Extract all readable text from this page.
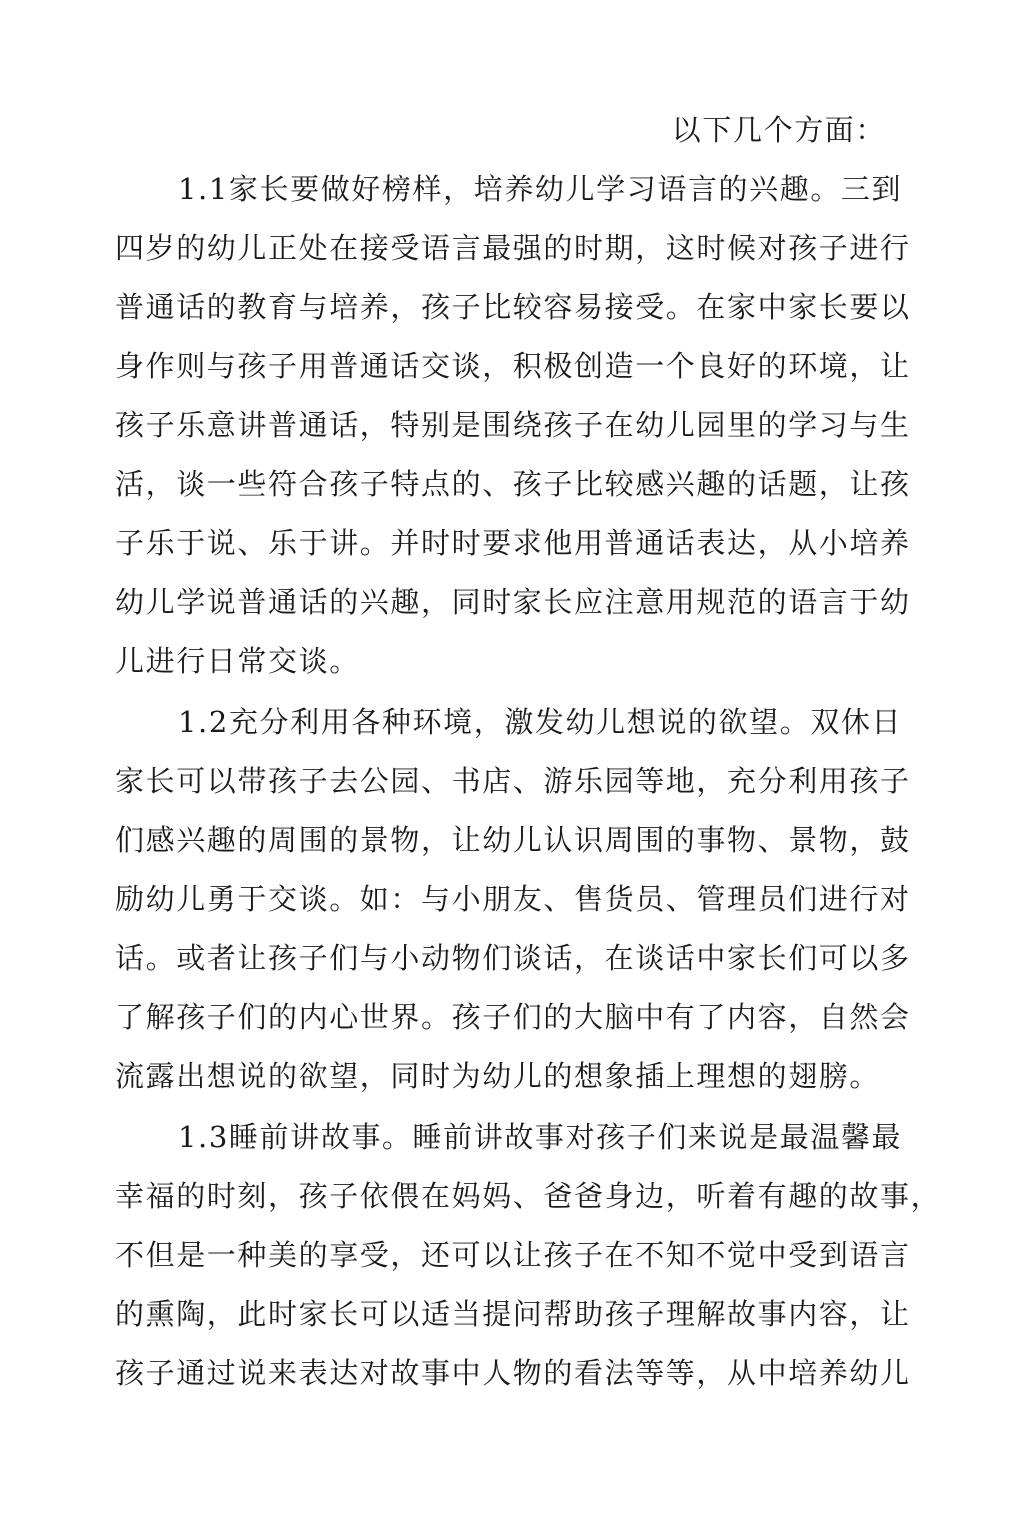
以下几个方面：
1.1家长要做好榜样，培养幼儿学习语言的兴趣。三到
四岁的幼儿正处在接受语言最强的时期，这时候对孩子进行
普通话的教育与培养，孩子比较容易接受。在家中家长要以
身作则与孩子用普通话交谈，积极创造一个良好的环境，让
孩子乐意讲普通话，特别是围绕孩子在幼儿园里的学习与生
活，谈一些符合孩子特点的、孩子比较感兴趣的话题，让孩
子乐于说、乐于讲。并时时要求他用普通话表达，从小培养
幼儿学说普通话的兴趣，同时家长应注意用规范的语言于幼
儿进行日常交谈。
1.2充分利用各种环境，激发幼儿想说的欲望。双休日
家长可以带孩子去公园、书店、游乐园等地，充分利用孩子
们感兴趣的周围的景物，让幼儿认识周围的事物、景物，鼓
励幼儿勇于交谈。如：与小朋友、售货员、管理员们进行对
话。或者让孩子们与小动物们谈话，在谈话中家长们可以多
了解孩子们的内心世界。孩子们的大脑中有了内容，自然会
流露出想说的欲望，同时为幼儿的想象插上理想的翅膀。
1.3睡前讲故事。睡前讲故事对孩子们来说是最温馨最
幸福的时刻，孩子依偎在妈妈、爸爸身边，听着有趣的故事，
不但是一种美的享受，还可以让孩子在不知不觉中受到语言
的熏陶，此时家长可以适当提问帮助孩子理解故事内容，让
孩子通过说来表达对故事中人物的看法等等，从中培养幼儿
